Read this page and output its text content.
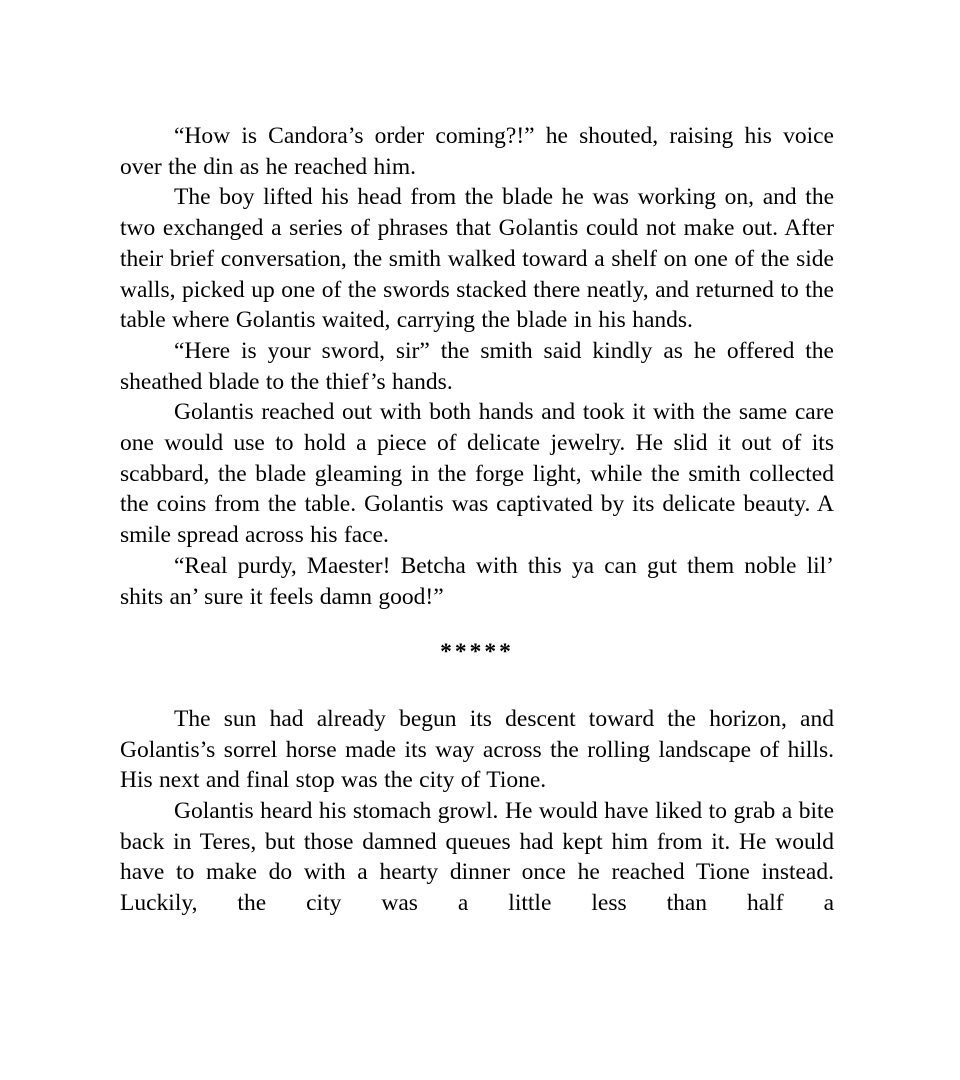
“How is Candora’s order coming?!” he shouted, raising his voice over the din as he reached him.

The boy lifted his head from the blade he was working on, and the two exchanged a series of phrases that Golantis could not make out. After their brief conversation, the smith walked toward a shelf on one of the side walls, picked up one of the swords stacked there neatly, and returned to the table where Golantis waited, carrying the blade in his hands.

“Here is your sword, sir” the smith said kindly as he offered the sheathed blade to the thief’s hands.

Golantis reached out with both hands and took it with the same care one would use to hold a piece of delicate jewelry. He slid it out of its scabbard, the blade gleaming in the forge light, while the smith collected the coins from the table. Golantis was captivated by its delicate beauty. A smile spread across his face.

“Real purdy, Maester! Betcha with this ya can gut them noble lil’ shits an’ sure it feels damn good!”

*****

The sun had already begun its descent toward the horizon, and Golantis’s sorrel horse made its way across the rolling landscape of hills. His next and final stop was the city of Tione.

Golantis heard his stomach growl. He would have liked to grab a bite back in Teres, but those damned queues had kept him from it. He would have to make do with a hearty dinner once he reached Tione instead. Luckily, the city was a little less than half a
